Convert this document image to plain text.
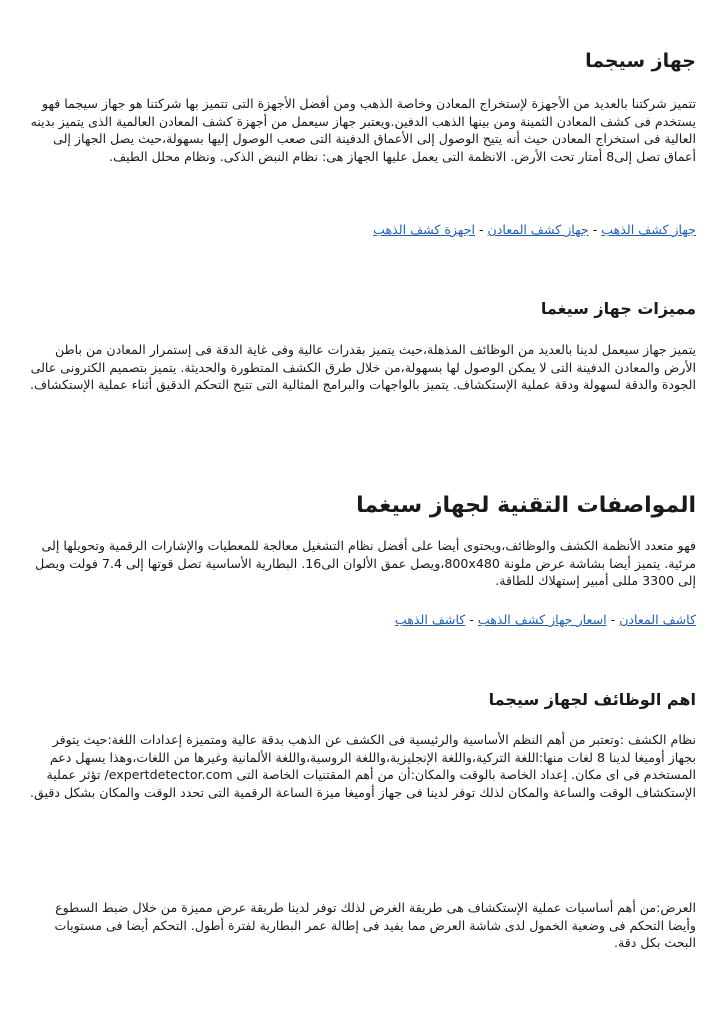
جهاز سيجما

تتميز شركتنا بالعديد من الأجهزة لإستخراج المعادن وخاصة الذهب ومن أفضل الأجهزة التى تتميز بها شركتنا هو جهاز سيجما فهو يستخدم فى كشف المعادن الثمينة ومن بينها الذهب الدفين.ويعتبر جهاز سيعمل من أجهزة كشف المعادن العالمية الذى يتميز بدينه العالية فى استخراج المعادن حيث أنه يتيح الوصول إلى الأعماق الدفينة التى صعب الوصول إليها بسهولة،حيث يصل الجهاز إلى أعماق تصل إلى8 أمتار تحت الأرض. الانظمة التى يعمل عليها الجهاز هى: نظام النبض الذكى. ونظام محلل الطيف.

جهاز كشف الذهب-جهاز كشف المعادن-اجهزة كشف الذهب
مميزات جهاز سيغما

يتميز جهاز سيعمل لدينا بالعديد من الوظائف المذهلة،حيث يتميز بقدرات عالية وفى غاية الدقة فى إستمرار المعادن من باطن الأرض والمعادن الدفينة التى لا يمكن الوصول لها بسهولة،من خلال طرق الكشف المتطورة والحديثة. يتميز بتصميم الكترونى عالى الجودة والدقة لسهولة ودقة عملية الإستكشاف. يتميز بالواجهات والبرامج المثالية التى تتيح التحكم الدقيق أثناء عملية الإستكشاف.

المواصفات التقنية لجهاز سيغما

فهو متعدد الأنظمة الكشف والوظائف،ويحتوى أيضا على أفضل نظام التشغيل معالجة للمعطيات والإشارات الرقمية وتحويلها إلى مرئية. يتميز أيضا بشاشة عرض ملونة 800x480،ويصل عمق الألوان الى16. البطارية الأساسية تصل قوتها إلى 7.4 فولت ويصل إلى 3300 مللى أمبير إستهلاك للطاقة.

كاشف المعادن-اسعار جهاز كشف الذهب-كاشف الذهب
اهم الوظائف لجهاز سيجما

نظام الكشف :وتعتبر من أهم النظم الأساسية والرئيسية فى الكشف عن الذهب بدقة عالية ومتميزة إعدادات اللغة:حيث يتوفر بجهاز أوميغا لدينا 8 لغات منها:اللغة التركية،واللغة الإنجليزية،واللغة الروسية،واللغة الألمانية وغيرها من اللغات،وهذا يسهل دعم المستخدم فى اى مكان. إعداد الخاصة بالوقت والمكان:أن من أهم المقتنيات الخاصة التى expertdetector.com/ تؤثر عملية الإستكشاف الوقت والساعة والمكان لذلك توفر لدينا فى جهاز أوميغا ميزة الساعة الرقمية التى تحدد الوقت والمكان بشكل دقيق.

العرض:من أهم أساسيات عملية الإستكشاف هى طريقة الغرض لذلك توفر لدينا طريقة عرض مميزة من خلال ضبط السطوع وأيضا التحكم فى وضعية الخمول لدى شاشة العرض مما يفيد فى إطالة عمر البطارية لفترة أطول. التحكم أيضا فى مستويات البحث بكل دقة.
